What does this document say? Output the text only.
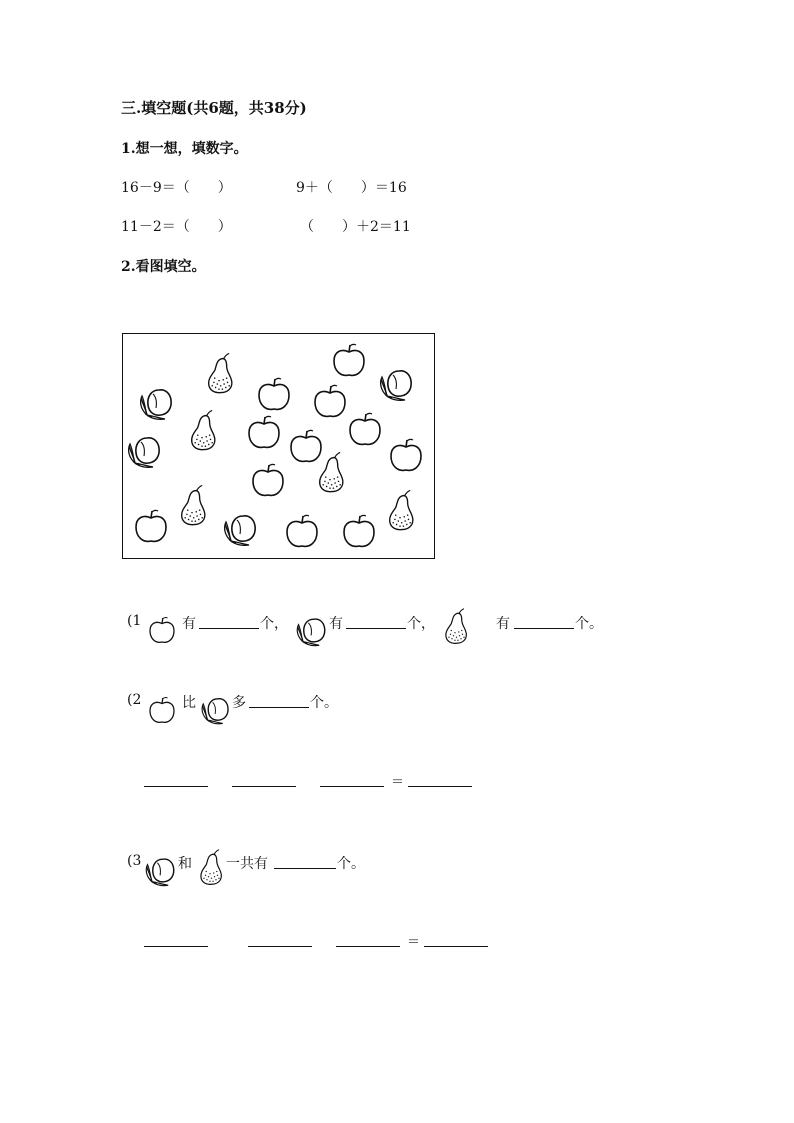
三.填空题(共6题，共38分)
1.想一想，填数字。
16－9＝（　　）	9＋（　　）＝16
11－2＝（　　）	（　　）＋2＝11
2.看图填空。
(1	有	个，	有	个，	有	个。
(2	比	多	个。
＝
(3	和 一共有	个。
＝
